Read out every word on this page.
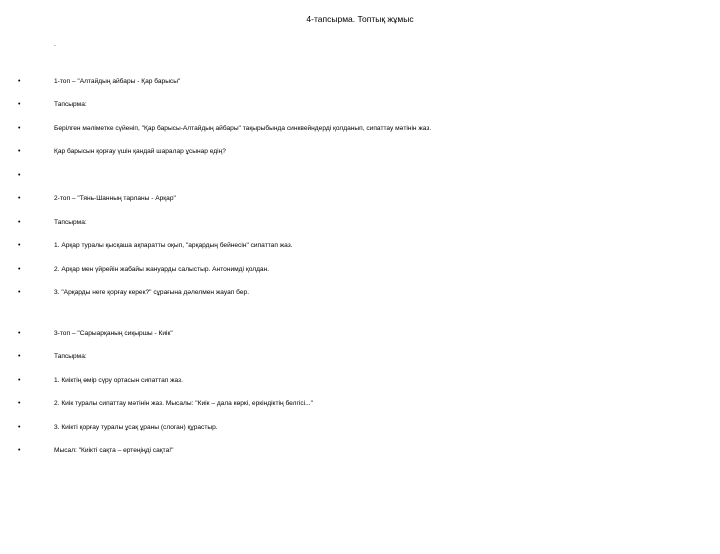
4-тапсырма. Топтық жұмыс
.
•	1-топ – "Алтайдың айбары - Қар барысы"
•	Тапсырма:
•	Берілген мәліметке сүйеніп, "Қар барысы-Алтайдың айбары" тақырыбында синквейндерді қолданып, сипаттау мәтінін жаз.
•	Қар барысын қорғау үшін қандай шаралар ұсынар едің?
•
•	2-топ – "Тянь-Шанның тарланы - Арқар"
•	Тапсырма:
•	1. Арқар туралы қысқаша ақпаратты оқып, "арқардың бейнесін" сипаттап жаз.
•	2. Арқар мен үйрейін жабайы жануарды салыстыр. Антонимді қолдан.
•	3. "Арқарды неге қорғау керек?" сұрағына дәлелмен жауап бер.
•	3-топ – "Сарыарқаның сиқыршы - Киік"
•	Тапсырма:
•	1. Киіктің өмір сүру ортасын сипаттап жаз.
•	2. Киік туралы сипаттау мәтінін жаз. Мысалы: "Киік – дала көркі, еркіндіктің белгісі..."
•	3. Киікті қорғау туралы ұсақ ұраны (слоган) құрастыр.
•	Мысал: "Киікті сақта – ертеңіңді сақта!"
